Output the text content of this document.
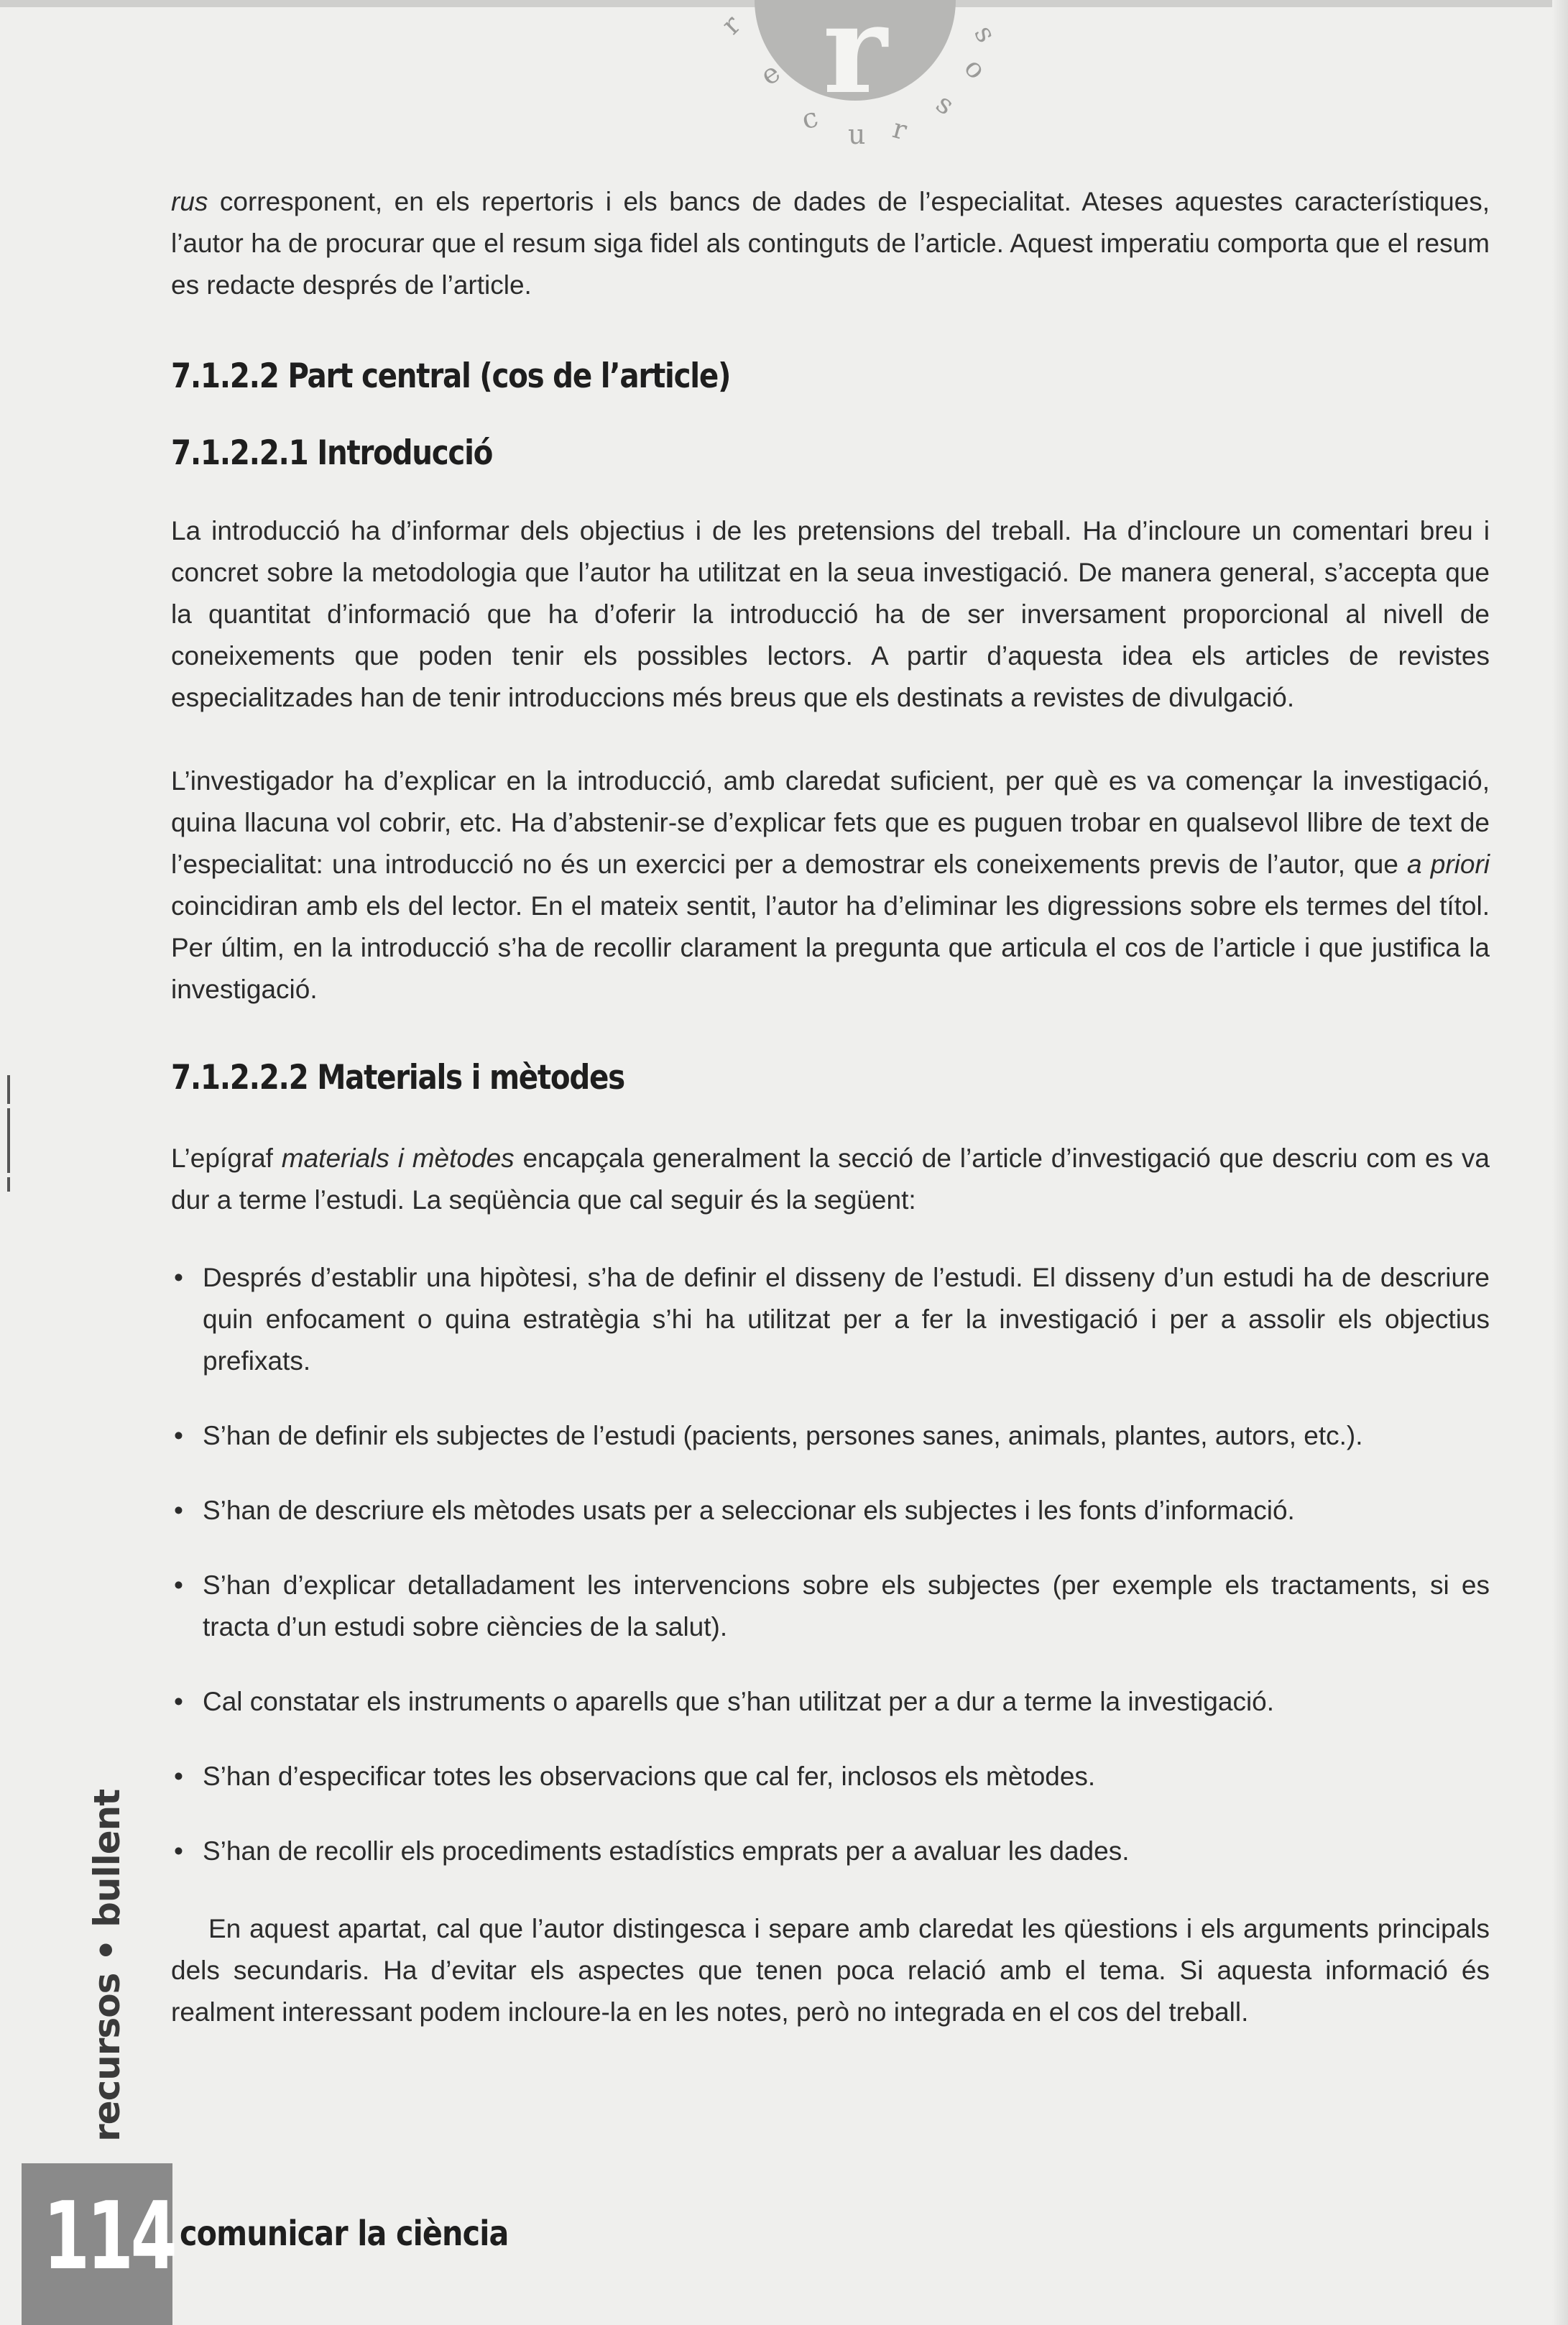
r
r
e
c u r
s
o
s

rus corresponent, en els repertoris i els bancs de dades de l’especialitat. Ateses aquestes característiques, l’autor ha de procurar que el resum siga fidel als continguts de l’article. Aquest imperatiu comporta que el resum es redacte després de l’article.

7.1.2.2 Part central (cos de l’article)
7.1.2.2.1 Introducció

La introducció ha d’informar dels objectius i de les pretensions del treball. Ha d’incloure un comentari breu i concret sobre la metodologia que l’autor ha utilitzat en la seua investigació. De manera general, s’accepta que la quantitat d’informació que ha d’oferir la introducció ha de ser inversament proporcional al nivell de coneixements que poden tenir els possibles lectors. A partir d’aquesta idea els articles de revistes especialitzades han de tenir introduccions més breus que els destinats a revistes de divulgació.

L’investigador ha d’explicar en la introducció, amb claredat suficient, per què es va començar la investigació, quina llacuna vol cobrir, etc. Ha d’abstenir-se d’explicar fets que es puguen trobar en qualsevol llibre de text de l’especialitat: una introducció no és un exercici per a demostrar els coneixements previs de l’autor, que a priori coincidiran amb els del lector. En el mateix sentit, l’autor ha d’eliminar les digressions sobre els termes del títol. Per últim, en la introducció s’ha de recollir clarament la pregunta que articula el cos de l’article i que justifica la investigació.

7.1.2.2.2 Materials i mètodes

L’epígraf materials i mètodes encapçala generalment la secció de l’article d’investigació que descriu com es va dur a terme l’estudi. La seqüència que cal seguir és la següent:

• Després d’establir una hipòtesi, s’ha de definir el disseny de l’estudi. El disseny d’un estudi ha de descriure quin enfocament o quina estratègia s’hi ha utilitzat per a fer la investigació i per a assolir els objectius prefixats.
• S’han de definir els subjectes de l’estudi (pacients, persones sanes, animals, plantes, autors, etc.).
• S’han de descriure els mètodes usats per a seleccionar els subjectes i les fonts d’informació.
• S’han d’explicar detalladament les intervencions sobre els subjectes (per exemple els tractaments, si es tracta d’un estudi sobre ciències de la salut).
• Cal constatar els instruments o aparells que s’han utilitzat per a dur a terme la investigació.
• S’han d’especificar totes les observacions que cal fer, inclosos els mètodes.
• S’han de recollir els procediments estadístics emprats per a avaluar les dades.

En aquest apartat, cal que l’autor distingesca i separe amb claredat les qüestions i els arguments principals dels secundaris. Ha d’evitar els aspectes que tenen poca relació amb el tema. Si aquesta informació és realment interessant podem incloure-la en les notes, però no integrada en el cos del treball.

recursos • bullent
114 comunicar la ciència
